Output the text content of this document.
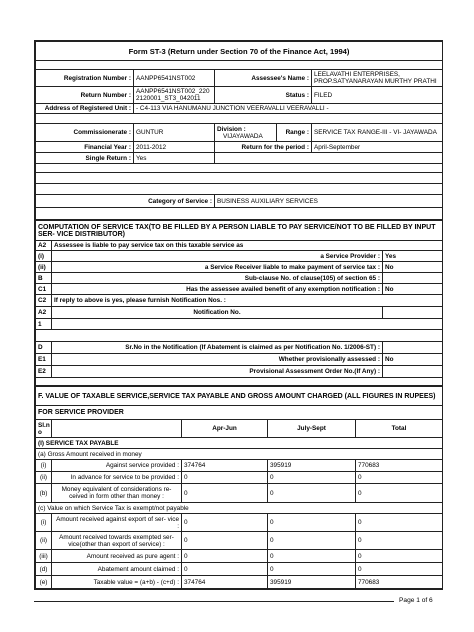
Form ST-3 (Return under Section 70 of the Finance Act, 1994)				

Registration Number :	AANPP6541NST002	Assessee's Name :		LEELAVATHI ENTERPRISES, PROP.SATYANARAYAN MURTHY PRATHI
Return Number :	AANPP6541NST002_220 2120001_ST3_042011	Status :		FILED
Address of Registered Unit :	- C4-113 VIA HANUMANU JUNCTION VEERAVALLI VEERAVALLI -			

Commissionerate :	GUNTUR	Division : VIJAYAWADA	Range :	SERVICE TAX RANGE-III - VI- JAYAWADA
Financial Year :	2011-2012	Return for the period :		April-September
Single Return :	Yes			

Category of Service :		BUSINESS AUXILIARY SERVICES		

COMPUTATION OF SERVICE TAX(TO BE FILLED BY A PERSON LIABLE TO PAY SERVICE/NOT TO BE FILLED BY INPUT SER- VICE DISTRIBUTOR)		
A2	Assessee is liable to pay service tax on this taxable service as	
(i)	a Service Provider :	Yes
(ii)	a Service Receiver liable to make payment of service tax :	No
B	Sub-clause No. of clause(105) of section 65 :	
C1	Has the assessee availed benefit of any exemption notification :	No
C2	If reply to above is yes, please furnish Notification Nos. :	
A2	Notification No.	
1		

D	Sr.No in the Notification (If Abatement is claimed as per Notification No. 1/2006-ST) :	
E1	Whether provisionally assessed :	No
E2	Provisional Assessment Order No.(If Any) :	

F. VALUE OF TAXABLE SERVICE,SERVICE TAX PAYABLE AND GROSS AMOUNT CHARGED (ALL FIGURES IN RUPEES)				
FOR SERVICE PROVIDER				
Sl.n o		Apr-Jun	July-Sept	Total
(I) SERVICE TAX PAYABLE				
(a) Gross Amount received in money				
(i)	Against service provided :	374764	395919	770683
(ii)	In advance for service to be provided :	0	0	0
(b)	Money equivalent of considerations re- ceived in form other than money :	0	0	0
(c) Value on which Service Tax is exempt/not payable				
(i)	Amount received against export of ser- vice :	0	0	0
(ii)	Amount received towards exempted ser- vice(other than export of service) :	0	0	0
(iii)	Amount received as pure agent :	0	0	0
(d)	Abatement amount claimed :	0	0	0
(e)	Taxable value = (a+b) - (c+d) :	374764	395919	770683
Page 1 of 6
